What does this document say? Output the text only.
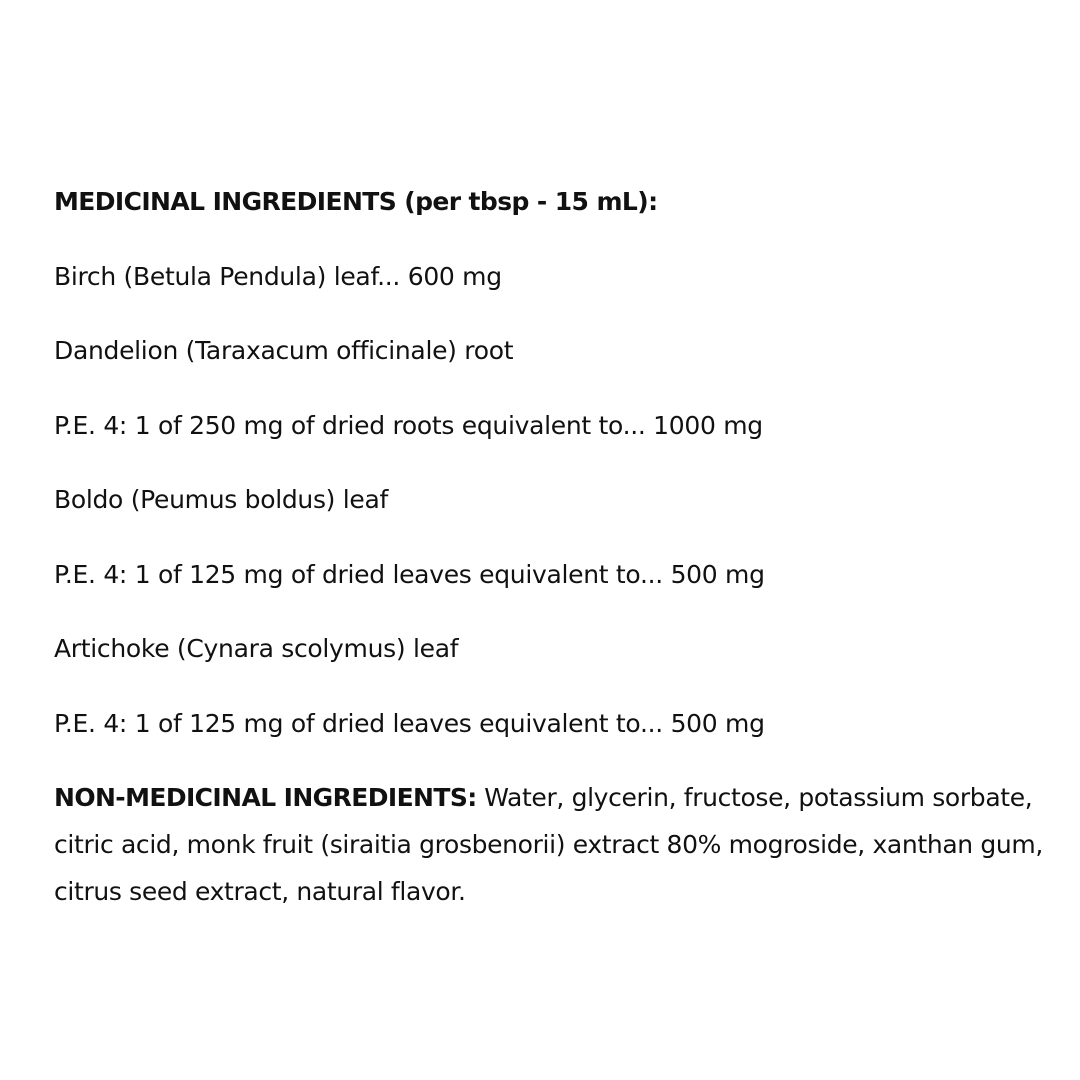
MEDICINAL INGREDIENTS (per tbsp - 15 mL):
Birch (Betula Pendula) leaf... 600 mg
Dandelion (Taraxacum officinale) root
P.E. 4: 1 of 250 mg of dried roots equivalent to... 1000 mg
Boldo (Peumus boldus) leaf
P.E. 4: 1 of 125 mg of dried leaves equivalent to... 500 mg
Artichoke (Cynara scolymus) leaf
P.E. 4: 1 of 125 mg of dried leaves equivalent to... 500 mg
NON-MEDICINAL INGREDIENTS: Water, glycerin, fructose, potassium sorbate, citric acid, monk fruit (siraitia grosbenorii) extract 80% mogroside, xanthan gum, citrus seed extract, natural flavor.
